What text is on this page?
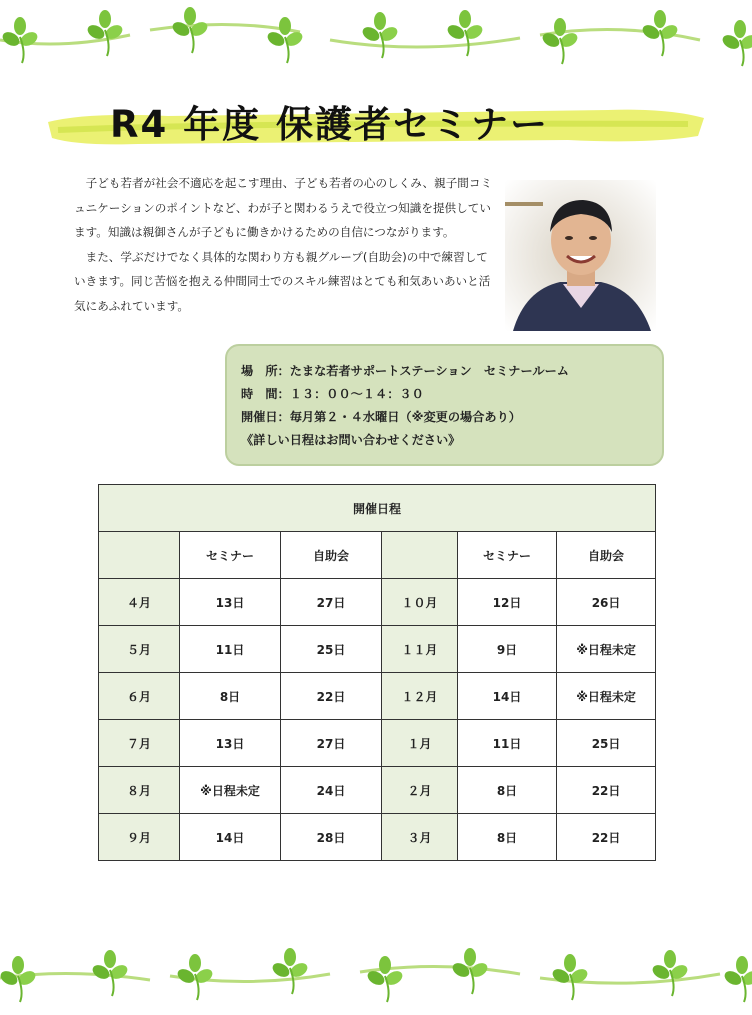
R4 年度 保護者セミナー

子ども若者が社会不適応を起こす理由、子ども若者の心のしくみ、親子間コミュニケーションのポイントなど、わが子と関わるうえで役立つ知識を提供しています。知識は親御さんが子どもに働きかけるための自信につながります。

また、学ぶだけでなく具体的な関わり方も親グループ(自助会)の中で練習していきます。同じ苦悩を抱える仲間同士でのスキル練習はとても和気あいあいと活気にあふれています。

場　所：たまな若者サポートステーション　セミナールーム
時　間：１３：００～１４：３０
開催日：毎月第２・４水曜日（※変更の場合あり）
《詳しい日程はお問い合わせください》
開催日程					
	セミナー	自助会		セミナー	自助会
４月	13日	27日	１０月	12日	26日
５月	11日	25日	１１月	9日	※日程未定
６月	8日	22日	１２月	14日	※日程未定
７月	13日	27日	１月	11日	25日
８月	※日程未定	24日	２月	8日	22日
９月	14日	28日	３月	8日	22日
